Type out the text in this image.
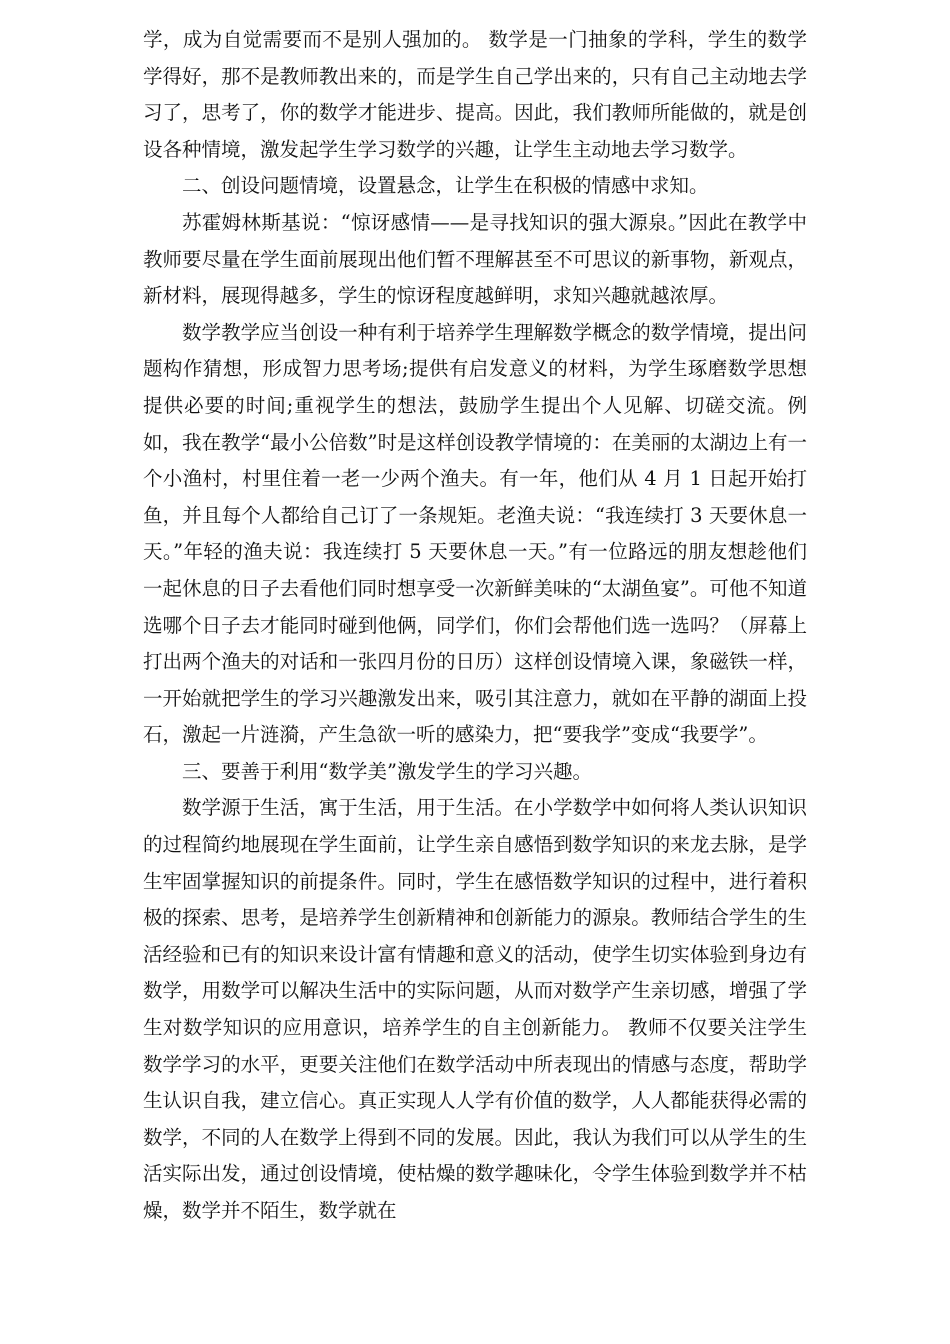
学，成为自觉需要而不是别人强加的。 数学是一门抽象的学科，学生的数学学得好，那不是教师教出来的，而是学生自己学出来的，只有自己主动地去学习了，思考了，你的数学才能进步、提高。因此，我们教师所能做的，就是创设各种情境，激发起学生学习数学的兴趣，让学生主动地去学习数学。

二、创设问题情境，设置悬念，让学生在积极的情感中求知。

苏霍姆林斯基说：“惊讶感情——是寻找知识的强大源泉。”因此在教学中教师要尽量在学生面前展现出他们暂不理解甚至不可思议的新事物，新观点，新材料，展现得越多，学生的惊讶程度越鲜明，求知兴趣就越浓厚。

数学教学应当创设一种有利于培养学生理解数学概念的数学情境，提出问题构作猜想，形成智力思考场;提供有启发意义的材料，为学生琢磨数学思想提供必要的时间;重视学生的想法，鼓励学生提出个人见解、切磋交流。例如，我在教学“最小公倍数”时是这样创设教学情境的：在美丽的太湖边上有一个小渔村，村里住着一老一少两个渔夫。有一年，他们从 4 月 1 日起开始打鱼，并且每个人都给自己订了一条规矩。老渔夫说：“我连续打 3 天要休息一天。”年轻的渔夫说：我连续打 5 天要休息一天。”有一位路远的朋友想趁他们一起休息的日子去看他们同时想享受一次新鲜美味的“太湖鱼宴”。可他不知道选哪个日子去才能同时碰到他俩，同学们，你们会帮他们选一选吗？（屏幕上打出两个渔夫的对话和一张四月份的日历）这样创设情境入课，象磁铁一样，一开始就把学生的学习兴趣激发出来，吸引其注意力，就如在平静的湖面上投石，激起一片涟漪，产生急欲一听的感染力，把“要我学”变成“我要学”。

三、要善于利用“数学美”激发学生的学习兴趣。

数学源于生活，寓于生活，用于生活。在小学数学中如何将人类认识知识的过程简约地展现在学生面前，让学生亲自感悟到数学知识的来龙去脉，是学生牢固掌握知识的前提条件。同时，学生在感悟数学知识的过程中，进行着积极的探索、思考，是培养学生创新精神和创新能力的源泉。教师结合学生的生活经验和已有的知识来设计富有情趣和意义的活动，使学生切实体验到身边有数学，用数学可以解决生活中的实际问题，从而对数学产生亲切感，增强了学生对数学知识的应用意识，培养学生的自主创新能力。 教师不仅要关注学生数学学习的水平，更要关注他们在数学活动中所表现出的情感与态度，帮助学生认识自我，建立信心。真正实现人人学有价值的数学，人人都能获得必需的数学，不同的人在数学上得到不同的发展。因此，我认为我们可以从学生的生活实际出发，通过创设情境，使枯燥的数学趣味化，令学生体验到数学并不枯燥，数学并不陌生，数学就在
